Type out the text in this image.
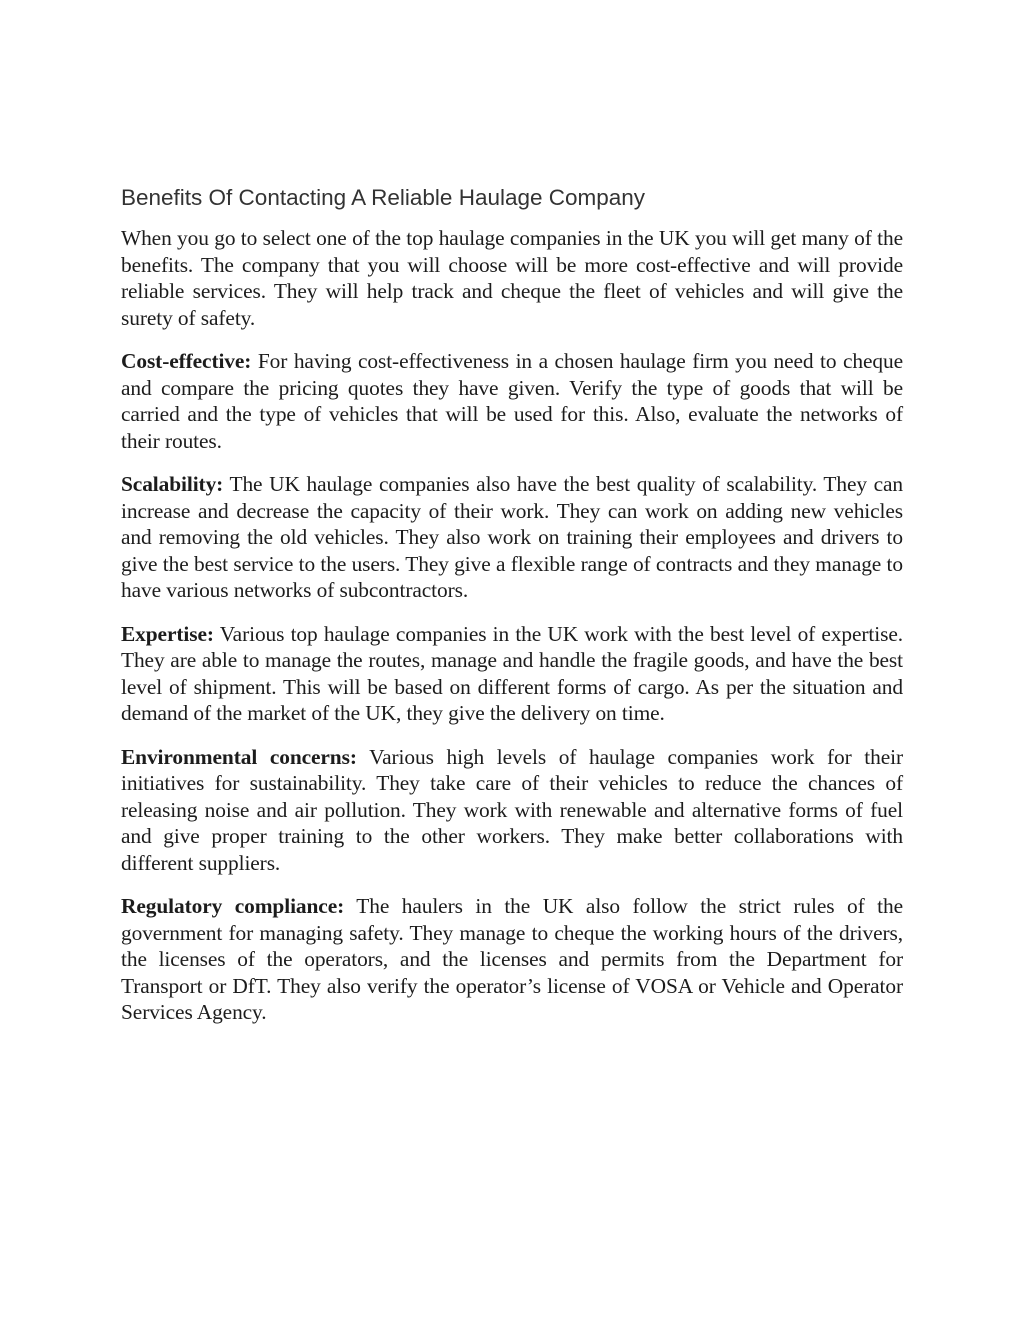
Benefits Of Contacting A Reliable Haulage Company

When you go to select one of the top haulage companies in the UK you will get many of the benefits. The company that you will choose will be more cost-effective and will provide reliable services. They will help track and cheque the fleet of vehicles and will give the surety of safety.

Cost-effective: For having cost-effectiveness in a chosen haulage firm you need to cheque and compare the pricing quotes they have given. Verify the type of goods that will be carried and the type of vehicles that will be used for this. Also, evaluate the networks of their routes.

Scalability: The UK haulage companies also have the best quality of scalability. They can increase and decrease the capacity of their work. They can work on adding new vehicles and removing the old vehicles. They also work on training their employees and drivers to give the best service to the users. They give a flexible range of contracts and they manage to have various networks of subcontractors.

Expertise: Various top haulage companies in the UK work with the best level of expertise. They are able to manage the routes, manage and handle the fragile goods, and have the best level of shipment. This will be based on different forms of cargo. As per the situation and demand of the market of the UK, they give the delivery on time.

Environmental concerns: Various high levels of haulage companies work for their initiatives for sustainability. They take care of their vehicles to reduce the chances of releasing noise and air pollution. They work with renewable and alternative forms of fuel and give proper training to the other workers. They make better collaborations with different suppliers.

Regulatory compliance: The haulers in the UK also follow the strict rules of the government for managing safety. They manage to cheque the working hours of the drivers, the licenses of the operators, and the licenses and permits from the Department for Transport or DfT. They also verify the operator’s license of VOSA or Vehicle and Operator Services Agency.
